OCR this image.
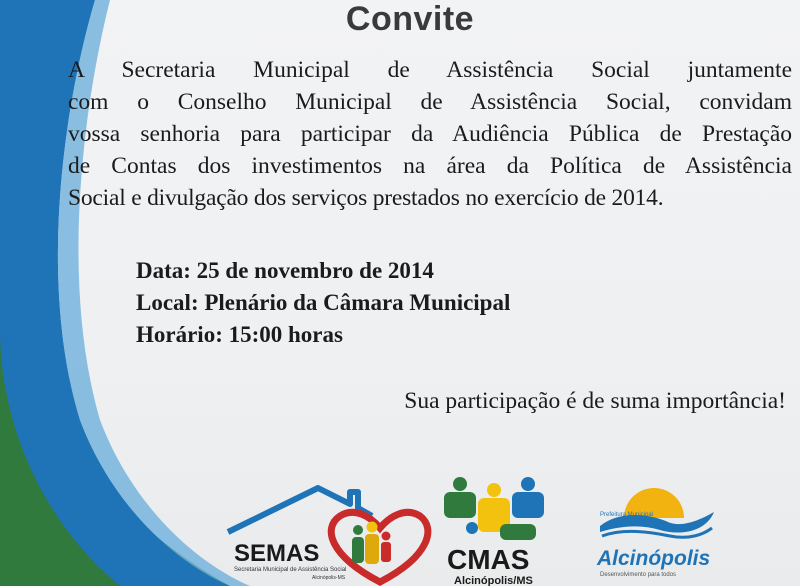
Convite

A Secretaria Municipal de Assistência Social juntamente
com o Conselho Municipal de Assistência Social, convidam
vossa senhoria para participar da Audiência Pública de Prestação
de Contas dos investimentos na área da Política de Assistência
Social e divulgação dos serviços prestados no exercício de 2014.

Data: 25 de novembro de 2014
Local: Plenário da Câmara Municipal
Horário: 15:00 horas
Sua participação é de suma importância!
SEMAS
Secretaria Municipal de Assistência Social
Alcinópolis-MS
CMAS
Alcinópolis/MS
Prefeitura Municipal
Alcinópolis
Desenvolvimento para todos
